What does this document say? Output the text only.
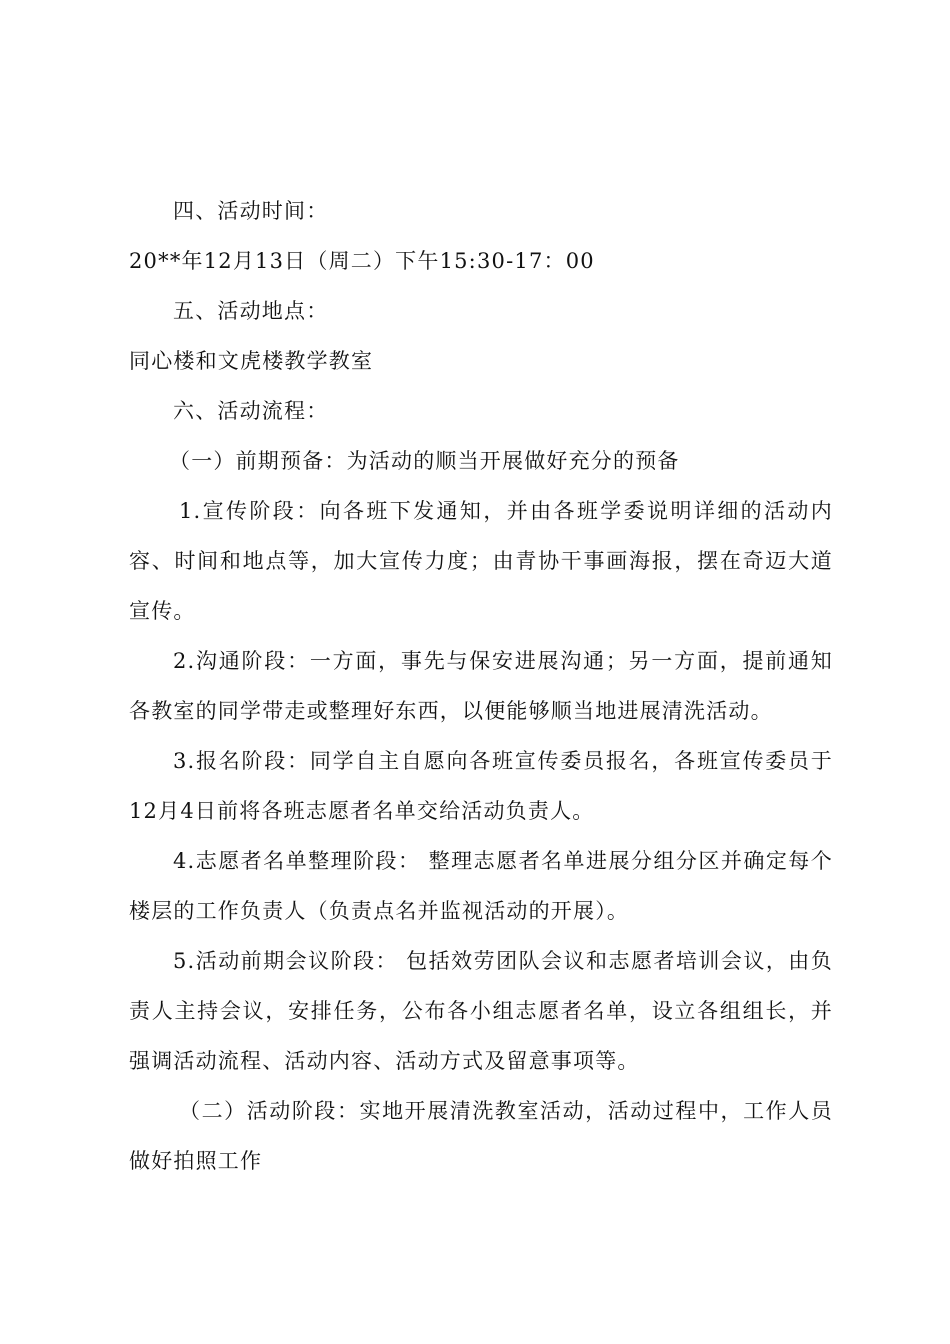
四、活动时间：
20**年12月13日（周二）下午15:30-17：00
五、活动地点：
同心楼和文虎楼教学教室
六、活动流程：
（一）前期预备：为活动的顺当开展做好充分的预备
1.宣传阶段：向各班下发通知，并由各班学委说明详细的活动内
容、时间和地点等，加大宣传力度；由青协干事画海报，摆在奇迈大道
宣传。
2.沟通阶段：一方面，事先与保安进展沟通；另一方面，提前通知
各教室的同学带走或整理好东西，以便能够顺当地进展清洗活动。
3.报名阶段：同学自主自愿向各班宣传委员报名，各班宣传委员于
12月4日前将各班志愿者名单交给活动负责人。
4.志愿者名单整理阶段： 整理志愿者名单进展分组分区并确定每个
楼层的工作负责人（负责点名并监视活动的开展）。
5.活动前期会议阶段： 包括效劳团队会议和志愿者培训会议，由负
责人主持会议，安排任务，公布各小组志愿者名单，设立各组组长，并
强调活动流程、活动内容、活动方式及留意事项等。
（二）活动阶段：实地开展清洗教室活动，活动过程中，工作人员
做好拍照工作
